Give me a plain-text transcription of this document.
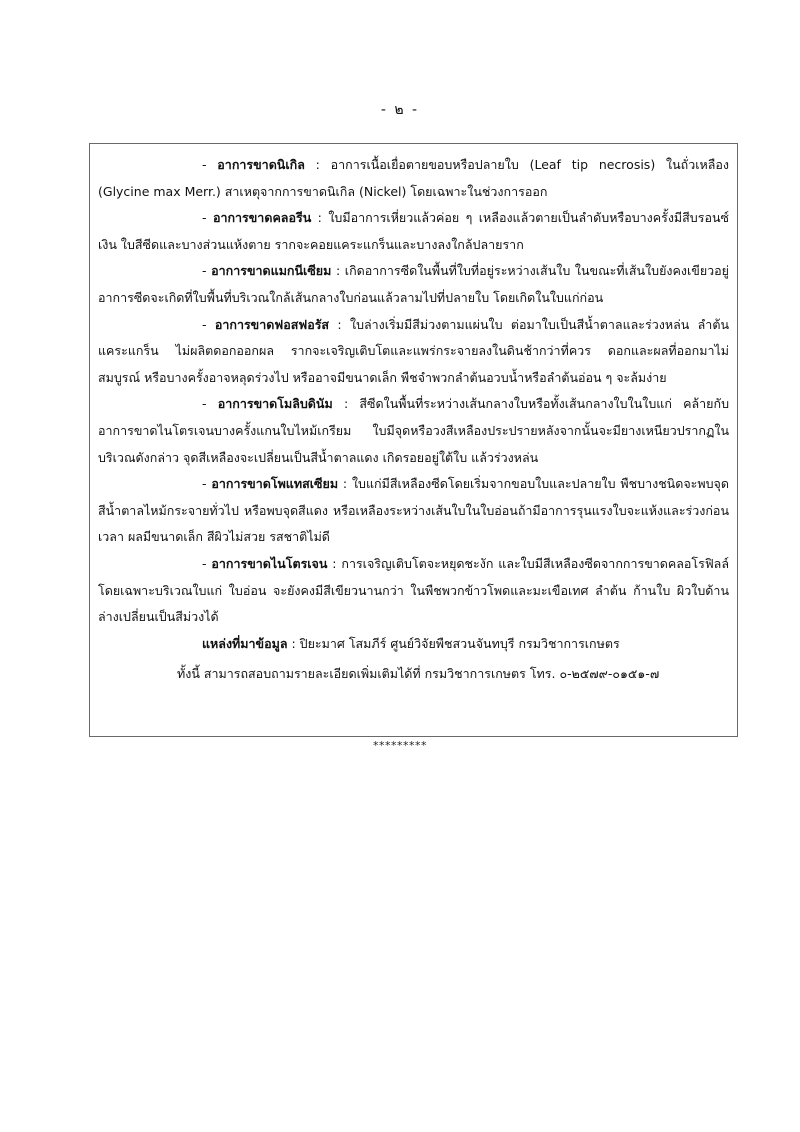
- ๒ -

- อาการขาดนิเกิล : อาการเนื้อเยื่อตายขอบหรือปลายใบ (Leaf tip necrosis) ในถั่วเหลือง (Glycine max Merr.) สาเหตุจากการขาดนิเกิล (Nickel) โดยเฉพาะในช่วงการออก

- อาการขาดคลอรีน : ใบมีอาการเหี่ยวแล้วค่อย ๆ เหลืองแล้วตายเป็นลำดับหรือบางครั้งมีสีบรอนซ์เงิน ใบสีซีดและบางส่วนแห้งตาย รากจะคอยแคระแกร็นและบางลงใกล้ปลายราก

- อาการขาดแมกนีเซียม : เกิดอาการซีดในพื้นที่ใบที่อยู่ระหว่างเส้นใบ ในขณะที่เส้นใบยังคงเขียวอยู่ อาการซีดจะเกิดที่ใบพื้นที่บริเวณใกล้เส้นกลางใบก่อนแล้วลามไปที่ปลายใบ โดยเกิดในใบแก่ก่อน

- อาการขาดฟอสฟอรัส : ใบล่างเริ่มมีสีม่วงตามแผ่นใบ ต่อมาใบเป็นสีน้ำตาลและร่วงหล่น ลำต้นแคระแกร็น ไม่ผลิตดอกออกผล รากจะเจริญเติบโตและแพร่กระจายลงในดินช้ากว่าที่ควร ดอกและผลที่ออกมาไม่สมบูรณ์ หรือบางครั้งอาจหลุดร่วงไป หรืออาจมีขนาดเล็ก พืชจำพวกลำต้นอวบน้ำหรือลำต้นอ่อน ๆ จะล้มง่าย

- อาการขาดโมลิบดินัม : สีซีดในพื้นที่ระหว่างเส้นกลางใบหรือทั้งเส้นกลางใบในใบแก่ คล้ายกับอาการขาดไนโตรเจนบางครั้งแกนใบไหม้เกรียม ใบมีจุดหรือวงสีเหลืองประปรายหลังจากนั้นจะมียางเหนียวปรากฏในบริเวณดังกล่าว จุดสีเหลืองจะเปลี่ยนเป็นสีน้ำตาลแดง เกิดรอยอยู่ใต้ใบ แล้วร่วงหล่น

- อาการขาดโพแทสเซียม : ใบแก่มีสีเหลืองซีดโดยเริ่มจากขอบใบและปลายใบ พืชบางชนิดจะพบจุดสีน้ำตาลไหม้กระจายทั่วไป หรือพบจุดสีแดง หรือเหลืองระหว่างเส้นใบในใบอ่อนถ้ามีอาการรุนแรงใบจะแห้งและร่วงก่อนเวลา ผลมีขนาดเล็ก สีผิวไม่สวย รสชาติไม่ดี

- อาการขาดไนโตรเจน : การเจริญเติบโตจะหยุดชะงัก และใบมีสีเหลืองซีดจากการขาดคลอโรฟิลล์ โดยเฉพาะบริเวณใบแก่ ใบอ่อน จะยังคงมีสีเขียวนานกว่า ในพืชพวกข้าวโพดและมะเขือเทศ ลำต้น ก้านใบ ผิวใบด้านล่างเปลี่ยนเป็นสีม่วงได้

แหล่งที่มาข้อมูล : ปิยะมาศ โสมภีร์ ศูนย์วิจัยพืชสวนจันทบุรี กรมวิชาการเกษตร

ทั้งนี้ สามารถสอบถามรายละเอียดเพิ่มเติมได้ที่ กรมวิชาการเกษตร โทร. ๐-๒๕๗๙-๐๑๕๑-๗

*********
